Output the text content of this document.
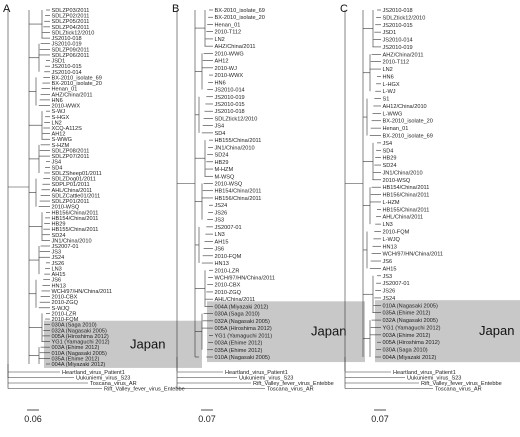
A	SDLZP03/2011
SDLZP02/2011
SDLZP05/2011
SDLZP04/2011
SDLZtick12/2010
JS2010-018
JS2010-019
SDLZP09/2011
SDLZP06/2011
JSD1
JS2010-015
JS2010-014
BX-2010_isolate_69
BX-2010_isolate_20
Henan_01
AHZ/China/2011
HN6
2010-WWX
S-WJ
S-HGX
LN2
XCQ-A112S
AH12
S-WWG
S-HZM
SDLZP08/2011
SDLZP07/2011
JS4
SD4
SDLZSheep01/2011
SDLZDog01/2011
SDPLP01/2011
AHL/China/2011
SDLZCattle01/2011
SDLZP01/2011
2010-WSQ
HB156/China/2011
HB154/China/2011
HB29
HB155/China/2011
SD24
JN1/China/2010
JS2007-01
JS3
JS24
JS26
LN3
AH15
JS6
HN13
WCH/97/HN/China/2011
2010-CBX
2010-ZGQ
S-WJQ
2010-LZR
2010-FQM
030A (Saga 2010)
032A (Nagasaki 2005)
005A (Hiroshima 2012)
YG1 (Yamaguchi 2012)
003A (Ehime 2012)
010A (Nagasaki 2005)
035A (Ehime 2012)
004A (Miyazaki 2012)
Japan
Heartland_virus_Patient1
Uukuniemi_virus_S23
Toscana_virus_AR
Rift_Valley_fever_virus_Entebbe
0.06
B	BX-2010_isolate_69
BX-2010_isolate_20
Henan_01
2010-T112
LN2
AHZ/China/2011
2010-WWG
AH12
2010-WJ
2010-WWX
HN6
JS2010-014
JS2010-019
JS2010-015
JS2010-018
SDLZtick12/2010
JS4
SD4
HB155/China/2011
JN1/China/2010
SD24
HB29
M-HZM
M-WSQ
2010-WSQ
HB154/China/2011
HB156/China/2011
JS24
JS26
JS3
JS2007-01
LN3
AH15
JS6
2010-FQM
HN13
2010-LZR
WCH/97/HN/China/2011
2010-CBX
2010-ZGQ
AHL/China/2011
004A (Miyazaki 2012)
030A (Saga 2010)
032A (Nagasaki 2005)
005A (Hiroshima 2012)
YG1 (Yamaguchi 2011)
003A (Ehime 2012)
035A (Ehime 2012)
010A (Nagasaki 2005)
Japan
Heartland_virus_Patient1
Uukuniemi_virus_S23
Rift_Valley_fever_virus_Entebbe
Toscana_virus_AR
0.07
C	JS2010-018
SDLZtick12/2010
JS2010-015
JSD1
JS2010-014
JS2010-019
AHZ/China/2011
2010-T112
LN2
HN6
L-HGX
L-WJ
S1
AH12/China/2010
L-WWG
BX-2010_isolate_20
Henan_01
BX-2010_isolate_69
JS4
SD4
HB29
SD24
JN1/China/2010
2010-WSQ
HB154/China/2011
HB156/China/2011
L-HZM
HB155/China/2011
AHL/China/2011
LN3
2010-FQM
L-WJQ
HN13
WCH/97/HN/China/2011
JS6
AH15
JS3
JS2007-01
JS26
JS24
010A (Nagasaki 2005)
035A (Ehime 2012)
032A (Nagasaki 2005)
YG1 (Yamaguchi 2012)
003A (Ehime 2012)
005A (Hiroshima 2012)
030A (Saga 2010)
004A (Miyazaki 2012)
Japan
Heartland_virus_Patient1
Uukuniemi_virus_S23
Rift_Valley_fever_virus_Entebbe
Toscana_virus_AR
0.07
